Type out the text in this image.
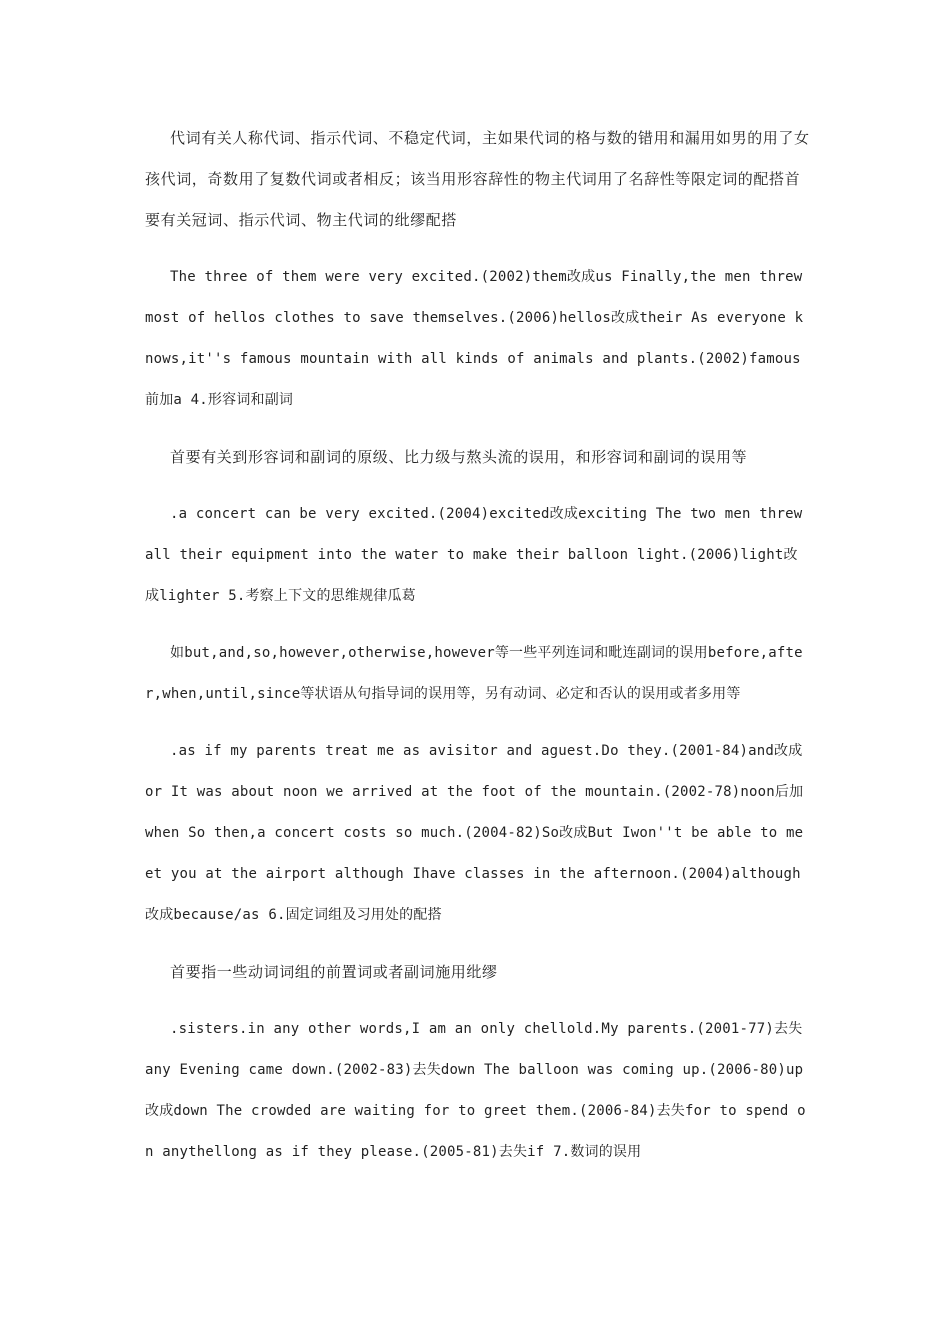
代词有关人称代词、指示代词、不稳定代词，主如果代词的格与数的错用和漏用如男的用了女孩代词，奇数用了复数代词或者相反；该当用形容辞性的物主代词用了名辞性等限定词的配搭首要有关冠词、指示代词、物主代词的纰缪配搭

The three of them were very excited.(2002)them改成us Finally,the men threw most of hellos clothes to save themselves.(2006)hellos改成their As everyone knows,it''s famous mountain with all kinds of animals and plants.(2002)famous前加a 4.形容词和副词

首要有关到形容词和副词的原级、比力级与熬头流的误用，和形容词和副词的误用等

.a concert can be very excited.(2004)excited改成exciting The two men threw all their equipment into the water to make their balloon light.(2006)light改成lighter 5.考察上下文的思维规律瓜葛

如but,and,so,however,otherwise,however等一些平列连词和毗连副词的误用before,after,when,until,since等状语从句指导词的误用等，另有动词、必定和否认的误用或者多用等

.as if my parents treat me as avisitor and aguest.Do they.(2001-84)and改成or It was about noon we arrived at the foot of the mountain.(2002-78)noon后加when So then,a concert costs so much.(2004-82)So改成But Iwon''t be able to meet you at the airport although Ihave classes in the afternoon.(2004)although改成because/as 6.固定词组及习用处的配搭

首要指一些动词词组的前置词或者副词施用纰缪

.sisters.in any other words,I am an only chellold.My parents.(2001-77)去失any Evening came down.(2002-83)去失down The balloon was coming up.(2006-80)up改成down The crowded are waiting for to greet them.(2006-84)去失for to spend on anythellong as if they please.(2005-81)去失if 7.数词的误用
